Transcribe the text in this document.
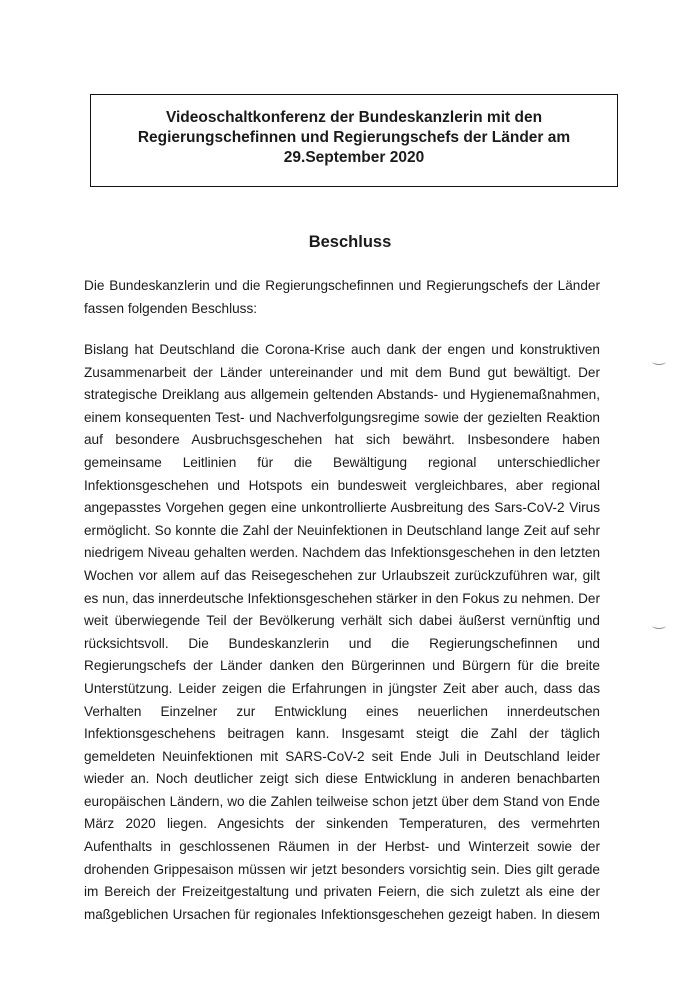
Videoschaltkonferenz der Bundeskanzlerin mit den
Regierungschefinnen und Regierungschefs der Länder am
29.September 2020
Beschluss
Die Bundeskanzlerin und die Regierungschefinnen und Regierungschefs der Länder
fassen folgenden Beschluss:
Bislang hat Deutschland die Corona-Krise auch dank der engen und konstruktiven
Zusammenarbeit der Länder untereinander und mit dem Bund gut bewältigt. Der
strategische Dreiklang aus allgemein geltenden Abstands- und Hygienemaßnahmen,
einem konsequenten Test- und Nachverfolgungsregime sowie der gezielten Reaktion
auf besondere Ausbruchsgeschehen hat sich bewährt. Insbesondere haben
gemeinsame Leitlinien für die Bewältigung regional unterschiedlicher
Infektionsgeschehen und Hotspots ein bundesweit vergleichbares, aber regional
angepasstes Vorgehen gegen eine unkontrollierte Ausbreitung des Sars-CoV-2 Virus
ermöglicht. So konnte die Zahl der Neuinfektionen in Deutschland lange Zeit auf sehr
niedrigem Niveau gehalten werden. Nachdem das Infektionsgeschehen in den letzten
Wochen vor allem auf das Reisegeschehen zur Urlaubszeit zurückzuführen war, gilt
es nun, das innerdeutsche Infektionsgeschehen stärker in den Fokus zu nehmen. Der
weit überwiegende Teil der Bevölkerung verhält sich dabei äußerst vernünftig und
rücksichtsvoll. Die Bundeskanzlerin und die Regierungschefinnen und
Regierungschefs der Länder danken den Bürgerinnen und Bürgern für die breite
Unterstützung. Leider zeigen die Erfahrungen in jüngster Zeit aber auch, dass das
Verhalten Einzelner zur Entwicklung eines neuerlichen innerdeutschen
Infektionsgeschehens beitragen kann. Insgesamt steigt die Zahl der täglich
gemeldeten Neuinfektionen mit SARS-CoV-2 seit Ende Juli in Deutschland leider
wieder an. Noch deutlicher zeigt sich diese Entwicklung in anderen benachbarten
europäischen Ländern, wo die Zahlen teilweise schon jetzt über dem Stand von Ende
März 2020 liegen. Angesichts der sinkenden Temperaturen, des vermehrten
Aufenthalts in geschlossenen Räumen in der Herbst- und Winterzeit sowie der
drohenden Grippesaison müssen wir jetzt besonders vorsichtig sein. Dies gilt gerade
im Bereich der Freizeitgestaltung und privaten Feiern, die sich zuletzt als eine der
maßgeblichen Ursachen für regionales Infektionsgeschehen gezeigt haben. In diesem
